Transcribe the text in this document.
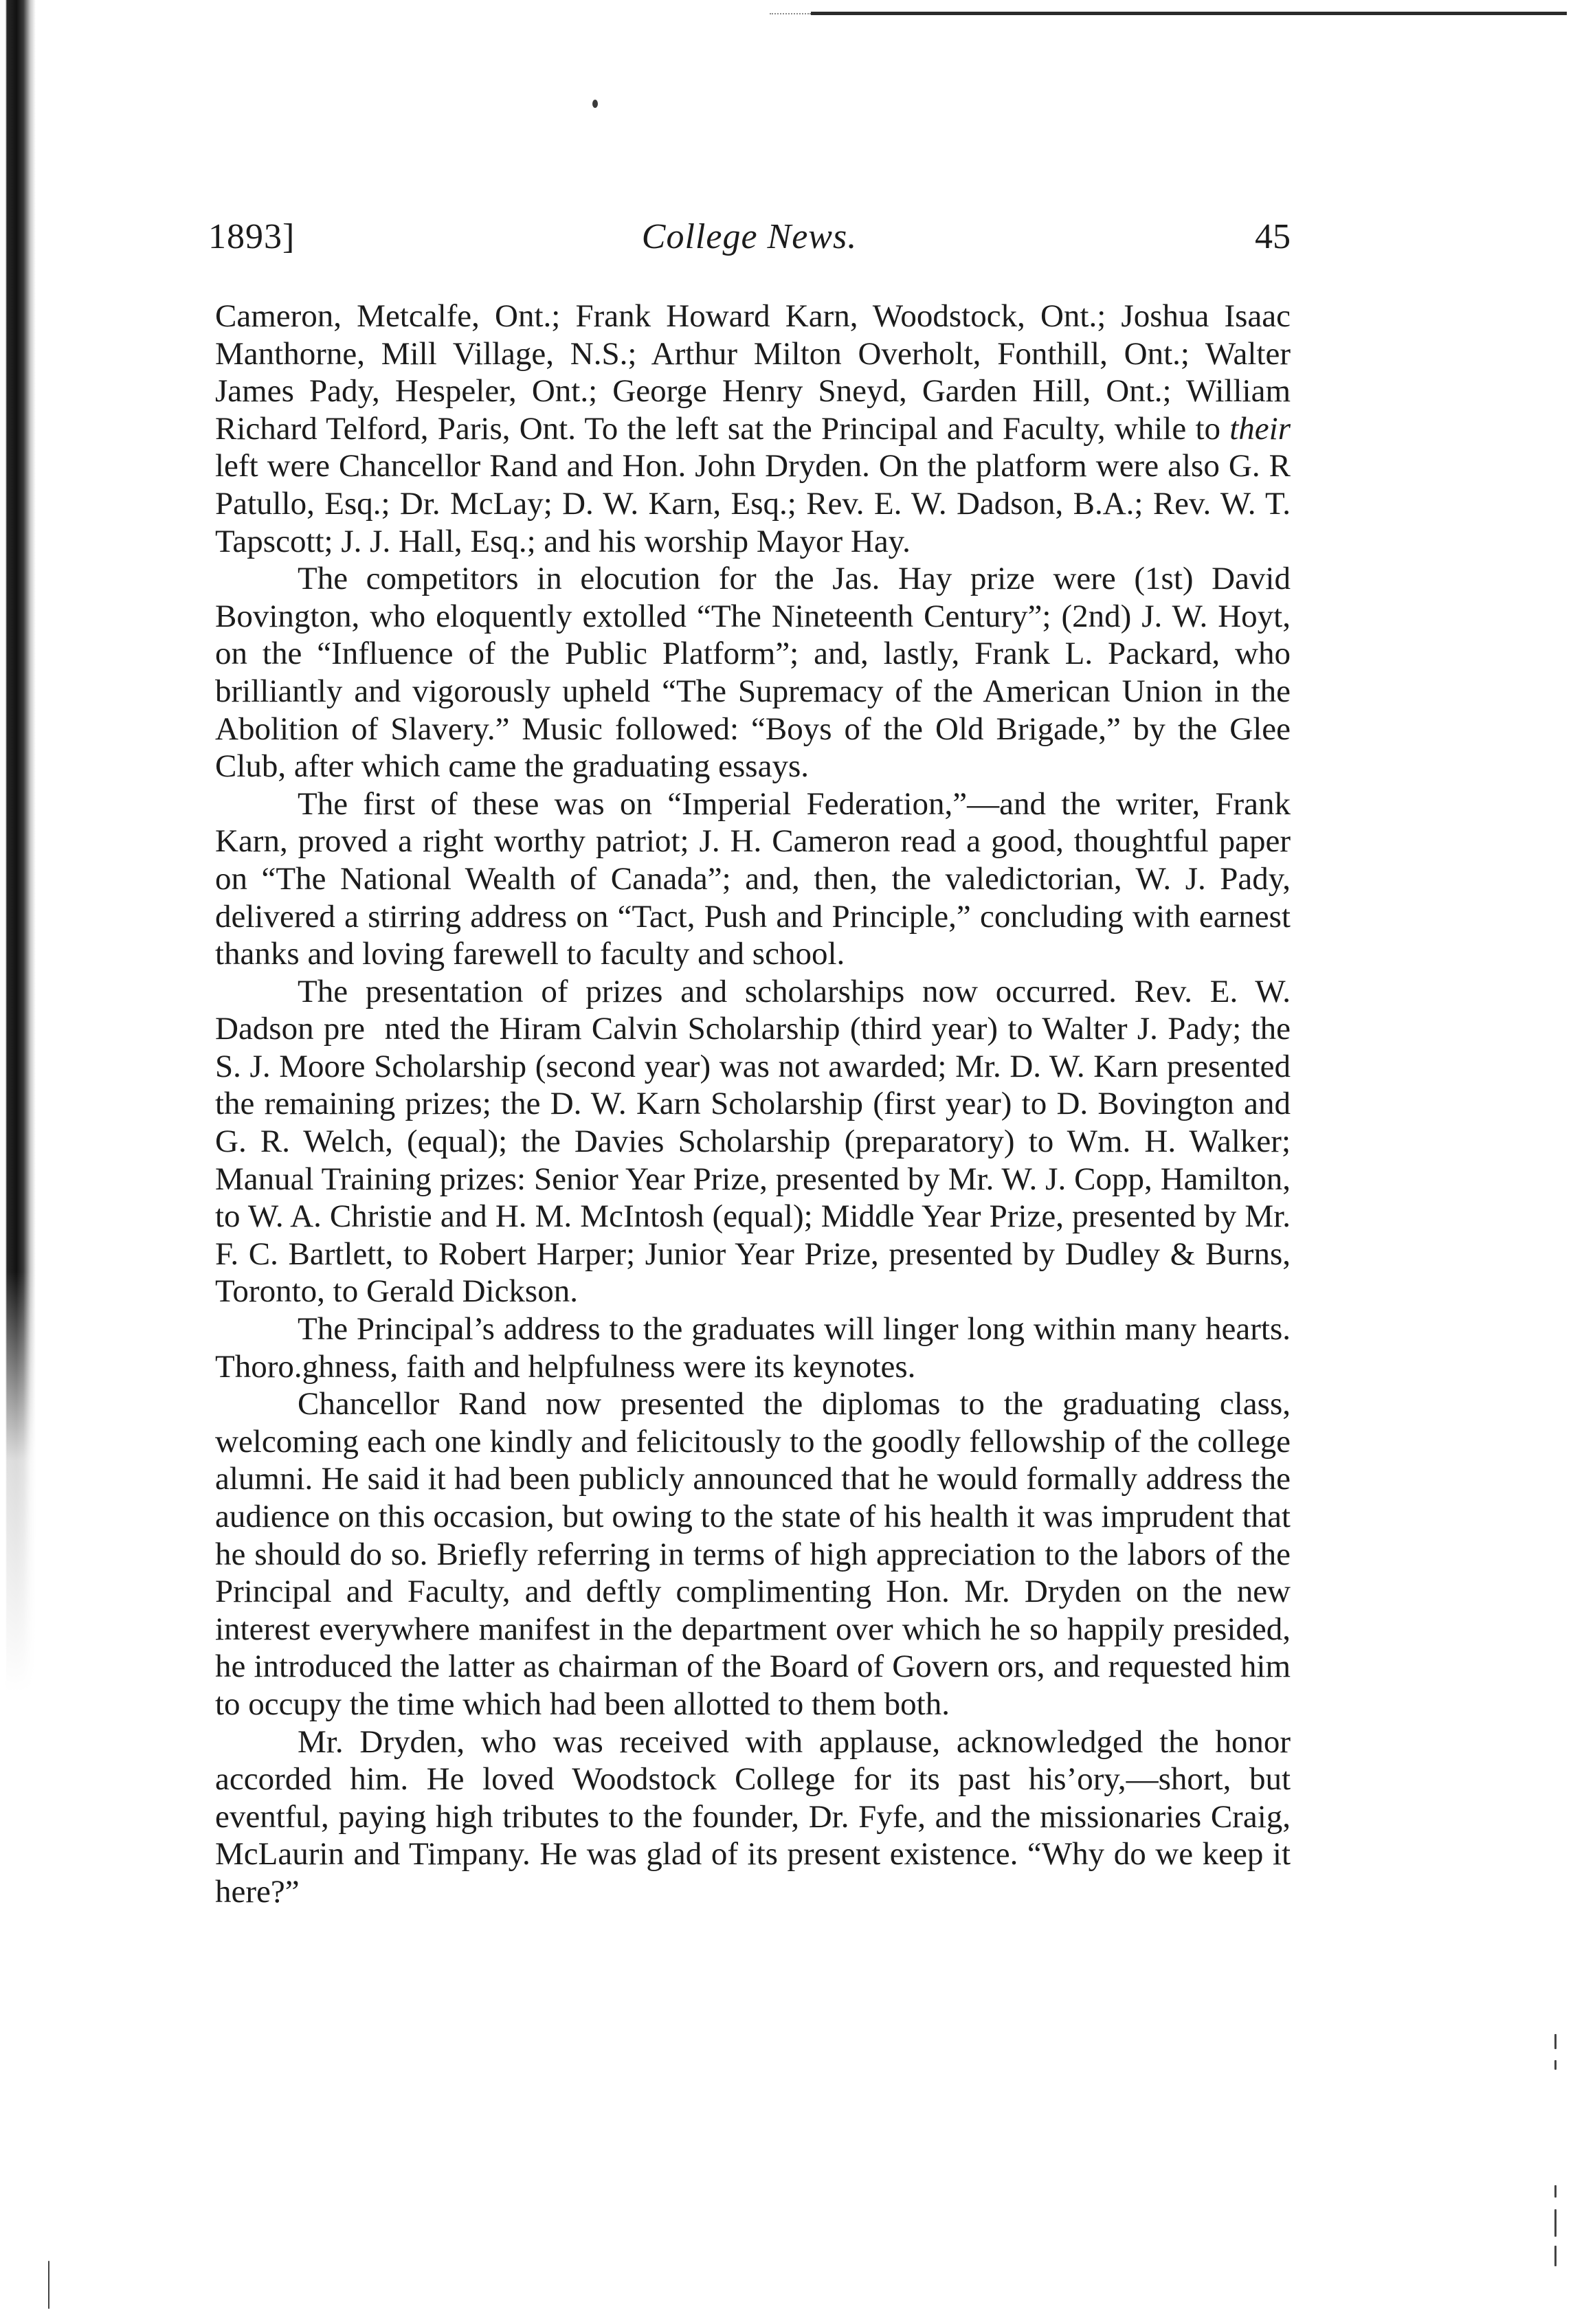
1893]	College News.	45

Cameron, Metcalfe, Ont.; Frank Howard Karn, Woodstock, Ont.; Joshua Isaac Manthorne, Mill Village, N.S.; Arthur Milton Overholt, Fonthill, Ont.; Walter James Pady, Hespeler, Ont.; George Henry Sneyd, Garden Hill, Ont.; William Richard Telford, Paris, Ont. To the left sat the Principal and Faculty, while to their left were Chancellor Rand and Hon. John Dryden. On the platform were also G. R Patullo, Esq.; Dr. McLay; D. W. Karn, Esq.; Rev. E. W. Dadson, B.A.; Rev. W. T. Tapscott; J. J. Hall, Esq.; and his worship Mayor Hay.

The competitors in elocution for the Jas. Hay prize were (1st) David Bovington, who eloquently extolled “The Nineteenth Century”; (2nd) J. W. Hoyt, on the “Influence of the Public Platform”; and, lastly, Frank L. Packard, who brilliantly and vigorously upheld “The Supremacy of the American Union in the Abolition of Slavery.” Music followed: “Boys of the Old Brigade,” by the Glee Club, after which came the graduating essays.

The first of these was on “Imperial Federation,”—and the writer, Frank Karn, proved a right worthy patriot; J. H. Cameron read a good, thoughtful paper on “The National Wealth of Canada”; and, then, the valedictorian, W. J. Pady, delivered a stirring address on “Tact, Push and Principle,” concluding with earnest thanks and loving farewell to faculty and school.

The presentation of prizes and scholarships now occurred. Rev. E. W. Dadson pre  nted the Hiram Calvin Scholarship (third year) to Walter J. Pady; the S. J. Moore Scholarship (second year) was not awarded; Mr. D. W. Karn presented the remaining prizes; the D. W. Karn Scholarship (first year) to D. Bovington and G. R. Welch, (equal); the Davies Scholarship (preparatory) to Wm. H. Walker; Manual Training prizes: Senior Year Prize, presented by Mr. W. J. Copp, Hamilton, to W. A. Christie and H. M. McIntosh (equal); Middle Year Prize, presented by Mr. F. C. Bartlett, to Robert Harper; Junior Year Prize, presented by Dudley & Burns, Toronto, to Gerald Dickson.

The Principal’s address to the graduates will linger long within many hearts. Thoro.ghness, faith and helpfulness were its keynotes.

Chancellor Rand now presented the diplomas to the graduating class, welcoming each one kindly and felicitously to the goodly fellowship of the college alumni. He said it had been publicly announced that he would formally address the audience on this occasion, but owing to the state of his health it was imprudent that he should do so. Briefly referring in terms of high appreciation to the labors of the Principal and Faculty, and deftly complimenting Hon. Mr. Dryden on the new interest everywhere manifest in the department over which he so happily presided, he introduced the latter as chairman of the Board of Govern ors, and requested him to occupy the time which had been allotted to them both.

Mr. Dryden, who was received with applause, acknowledged the honor accorded him. He loved Woodstock College for its past his’ory,—short, but eventful, paying high tributes to the founder, Dr. Fyfe, and the missionaries Craig, McLaurin and Timpany. He was glad of its present existence. “Why do we keep it here?”
